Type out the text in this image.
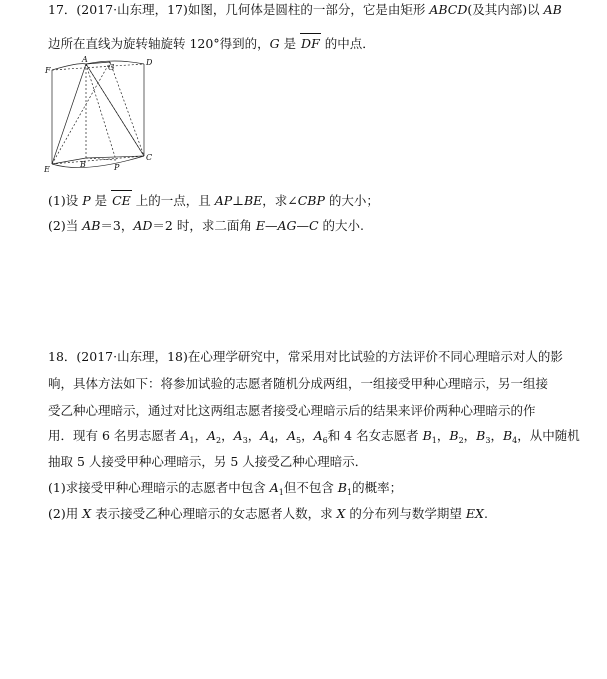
17．(2017·山东理，17)如图，几何体是圆柱的一部分，它是由矩形 ABCD(及其内部)以 AB
边所在直线为旋转轴旋转 120°得到的，G 是 DF 的中点．
A
F	G
D
B
E	P
C
(1)设 P 是 CE 上的一点，且 AP⊥BE，求∠CBP 的大小；
(2)当 AB＝3，AD＝2 时，求二面角 E—AG—C 的大小.
18．(2017·山东理，18)在心理学研究中，常采用对比试验的方法评价不同心理暗示对人的影
响，具体方法如下：将参加试验的志愿者随机分成两组，一组接受甲种心理暗示，另一组接
受乙种心理暗示，通过对比这两组志愿者接受心理暗示后的结果来评价两种心理暗示的作
用．现有 6 名男志愿者 $A_1$，$A_2$，$A_3$，$A_4$，$A_5$，$A_6$和 4 名女志愿者 $B_1$，$B_2$，$B_3$，$B_4$，从中随机
抽取 5 人接受甲种心理暗示，另 5 人接受乙种心理暗示．
(1)求接受甲种心理暗示的志愿者中包含 $A_1$但不包含 $B_1$的概率；
(2)用 X 表示接受乙种心理暗示的女志愿者人数，求 X 的分布列与数学期望 EX.
